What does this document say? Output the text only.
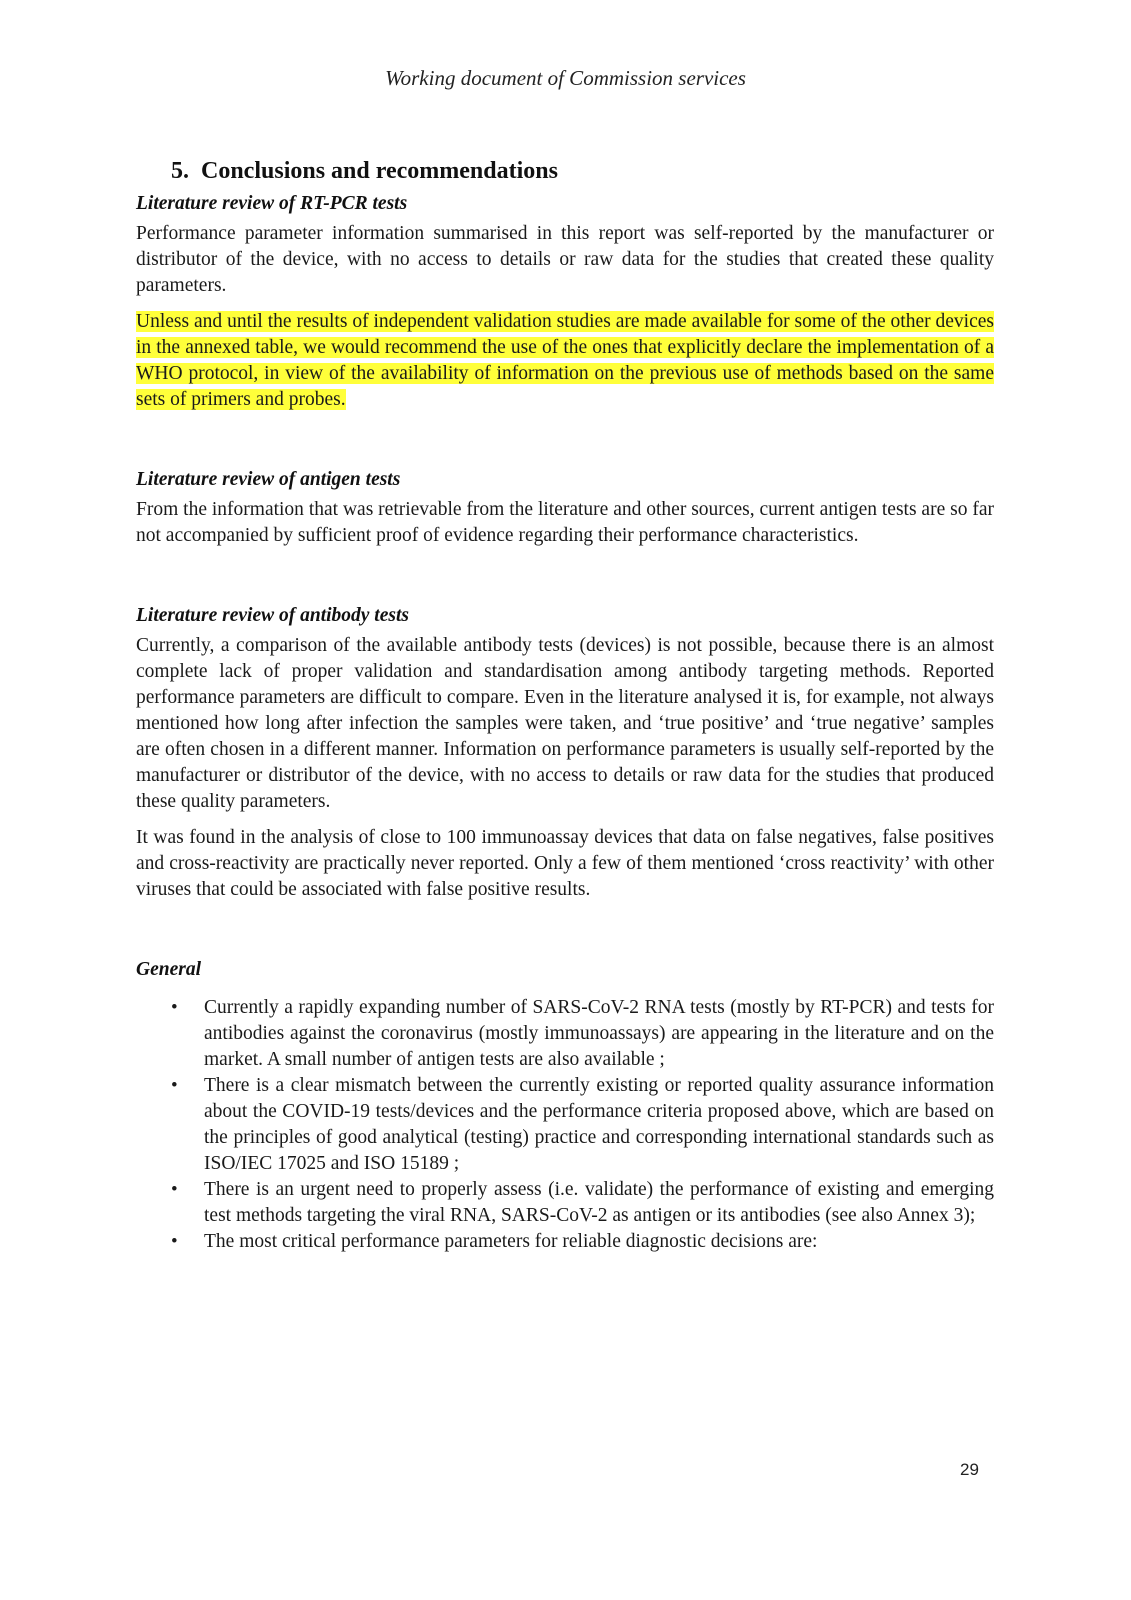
Working document of Commission services
5. Conclusions and recommendations
Literature review of RT-PCR tests

Performance parameter information summarised in this report was self-reported by the manufacturer or distributor of the device, with no access to details or raw data for the studies that created these quality parameters.

Unless and until the results of independent validation studies are made available for some of the other devices in the annexed table, we would recommend the use of the ones that explicitly declare the implementation of a WHO protocol, in view of the availability of information on the previous use of methods based on the same sets of primers and probes.

Literature review of antigen tests

From the information that was retrievable from the literature and other sources, current antigen tests are so far not accompanied by sufficient proof of evidence regarding their performance characteristics.

Literature review of antibody tests

Currently, a comparison of the available antibody tests (devices) is not possible, because there is an almost complete lack of proper validation and standardisation among antibody targeting methods. Reported performance parameters are difficult to compare. Even in the literature analysed it is, for example, not always mentioned how long after infection the samples were taken, and ‘true positive’ and ‘true negative’ samples are often chosen in a different manner. Information on performance parameters is usually self-reported by the manufacturer or distributor of the device, with no access to details or raw data for the studies that produced these quality parameters.

It was found in the analysis of close to 100 immunoassay devices that data on false negatives, false positives and cross-reactivity are practically never reported. Only a few of them mentioned ‘cross reactivity’ with other viruses that could be associated with false positive results.

General
• Currently a rapidly expanding number of SARS-CoV-2 RNA tests (mostly by RT-PCR) and tests for antibodies against the coronavirus (mostly immunoassays) are appearing in the literature and on the market. A small number of antigen tests are also available ;
• There is a clear mismatch between the currently existing or reported quality assurance information about the COVID-19 tests/devices and the performance criteria proposed above, which are based on the principles of good analytical (testing) practice and corresponding international standards such as ISO/IEC 17025 and ISO 15189 ;
• There is an urgent need to properly assess (i.e. validate) the performance of existing and emerging test methods targeting the viral RNA, SARS-CoV-2 as antigen or its antibodies (see also Annex 3);
• The most critical performance parameters for reliable diagnostic decisions are:
29
